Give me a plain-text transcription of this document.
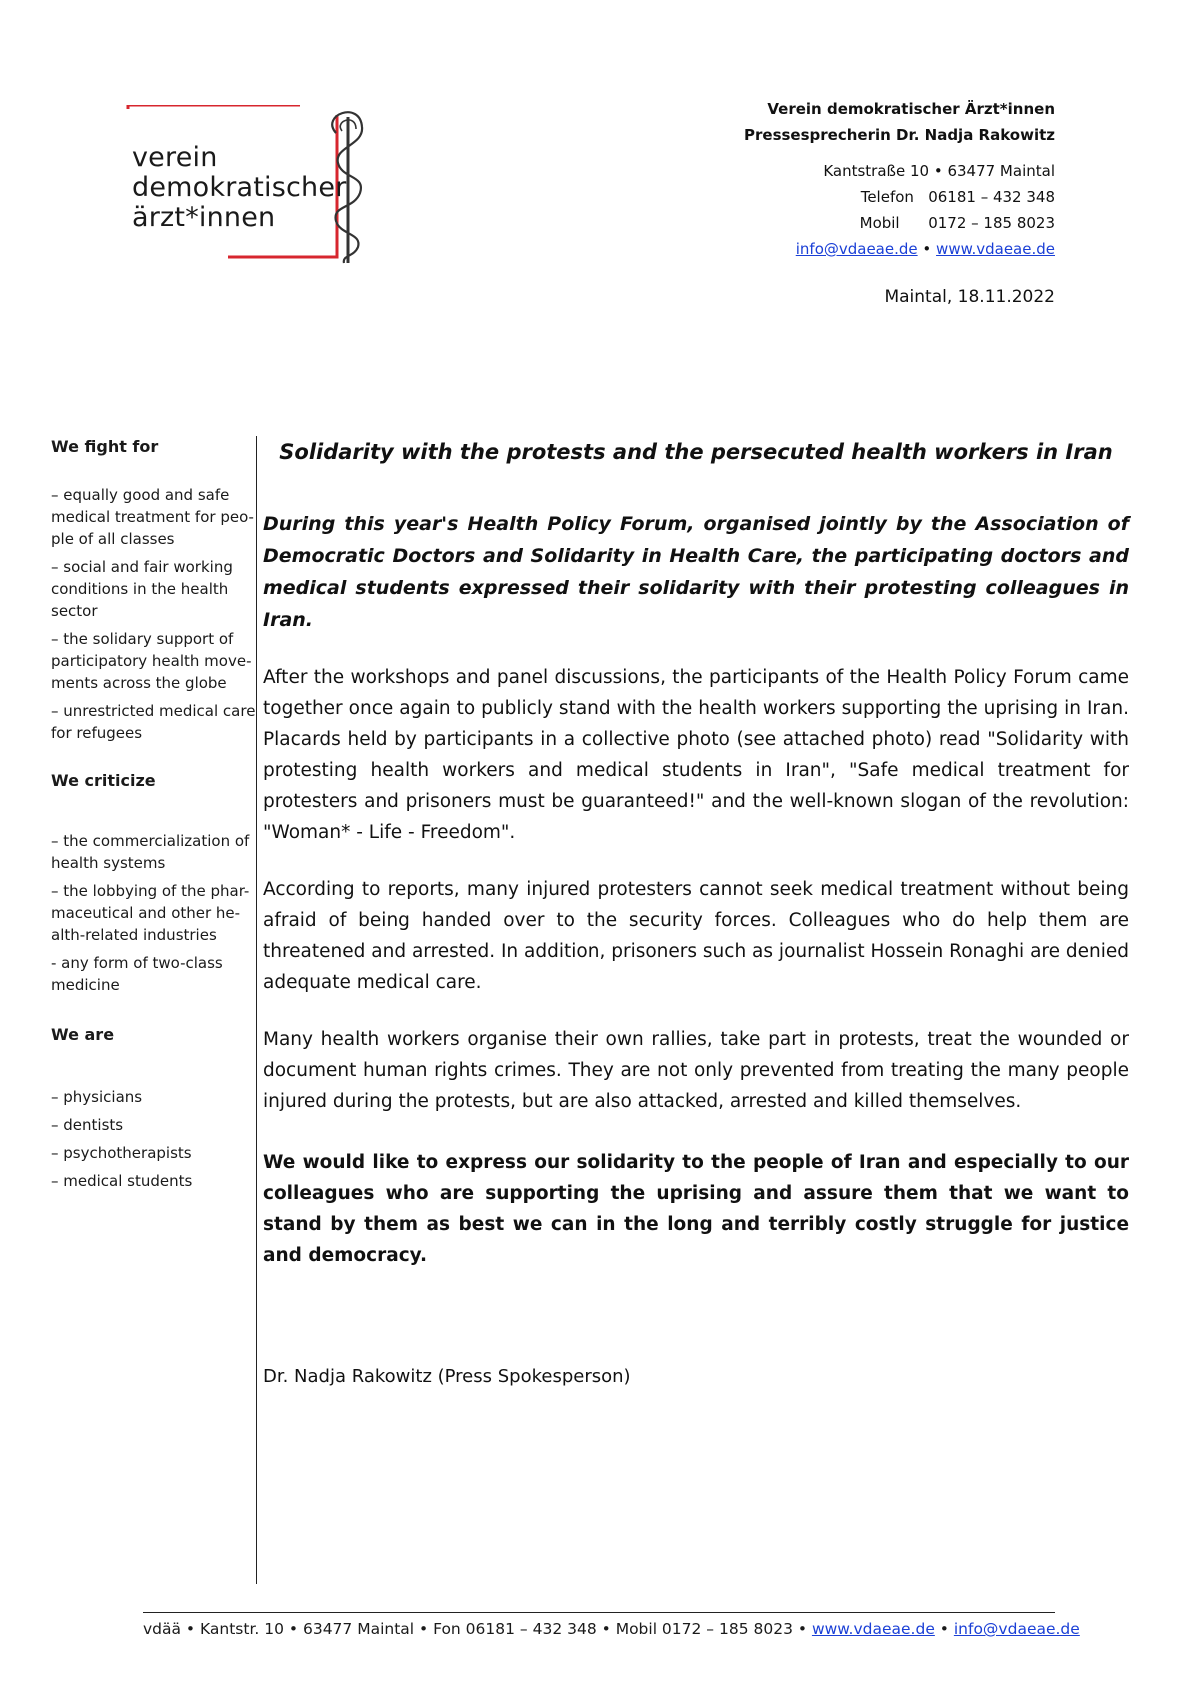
verein
demokratischer
ärzt*innen
Verein demokratischer Ärzt*innen
Pressesprecherin Dr. Nadja Rakowitz
Kantstraße 10 • 63477 Maintal
Telefon   06181 – 432 348
Mobil      0172 – 185 8023
info@vdaeae.de • www.vdaeae.de
Maintal, 18.11.2022
We fight for
– equally good and safe medical treatment for peo-ple of all classes
– social and fair working conditions in the health sector
– the solidary support of participatory health move-ments across the globe
– unrestricted medical care for refugees
We criticize
– the commercialization of health systems
– the lobbying of the phar-maceutical and other he-alth-related industries
- any form of two-class medicine
We are
– physicians
– dentists
– psychotherapists
– medical students
Solidarity with the protests and the persecuted health workers in Iran

During this year's Health Policy Forum, organised jointly by the Association of Democratic Doctors and Solidarity in Health Care, the participating doctors and medical students expressed their solidarity with their protesting colleagues in Iran.

After the workshops and panel discussions, the participants of the Health Policy Forum came together once again to publicly stand with the health workers supporting the uprising in Iran. Placards held by participants in a collective photo (see attached photo) read "Solidarity with protesting health workers and medical students in Iran", "Safe medical treatment for protesters and prisoners must be guaranteed!" and the well-known slogan of the revolution: "Woman* - Life - Freedom".

According to reports, many injured protesters cannot seek medical treatment without being afraid of being handed over to the security forces. Colleagues who do help them are threatened and arrested. In addition, prisoners such as journalist Hossein Ronaghi are denied adequate medical care.

Many health workers organise their own rallies, take part in protests, treat the wounded or document human rights crimes. They are not only prevented from treating the many people injured during the protests, but are also attacked, arrested and killed themselves.

We would like to express our solidarity to the people of Iran and especially to our colleagues who are supporting the uprising and assure them that we want to stand by them as best we can in the long and terribly costly struggle for justice and democracy.

Dr. Nadja Rakowitz (Press Spokesperson)

vdää • Kantstr. 10 • 63477 Maintal • Fon 06181 – 432 348 • Mobil 0172 – 185 8023 • www.vdaeae.de • info@vdaeae.de
